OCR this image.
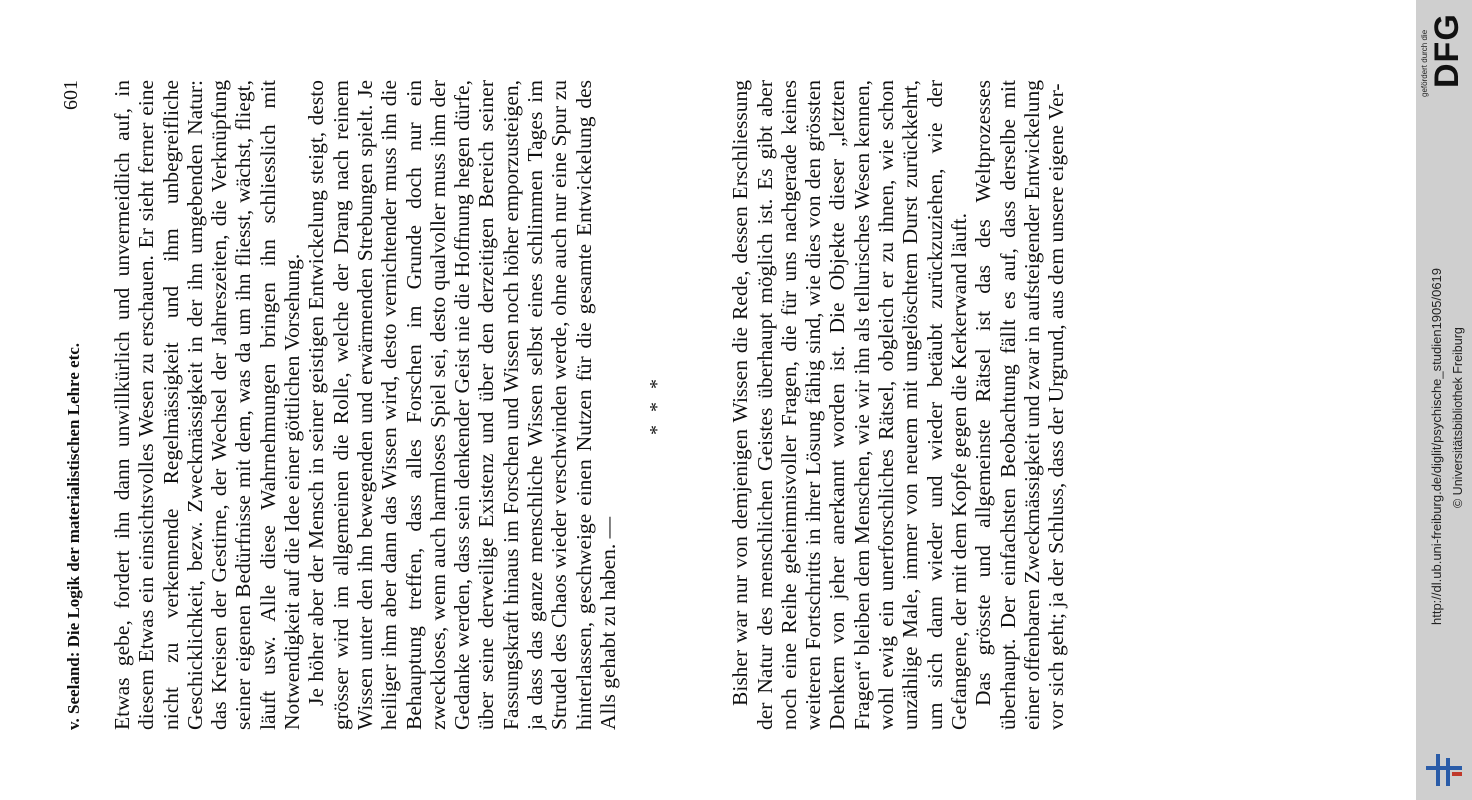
v. Seeland: Die Logik der materialistischen Lehre etc.
601 Etwas gebe, fordert ihn dann unwillkürlich und unvermeidlich auf, in diesem Etwas ein einsichtsvolles Wesen zu erschauen. Er sieht ferner eine nicht zu verkennende Regelmässigkeit und ihm unbegreifliche Geschicklichkeit, bezw. Zweckmässigkeit in der ihn umgebenden Natur: das Kreisen der Gestirne, der Wechsel der Jahreszeiten, die Verknüpfung seiner eigenen Bedürfnisse mit dem, was da um ihn fliesst, wächst, fliegt, läuft usw. Alle diese Wahrnehmungen bringen ihn schliesslich mit Notwendigkeit auf die Idee einer göttlichen Vorsehung. Je höher aber der Mensch in seiner geistigen Entwickelung steigt, desto grösser wird im allgemeinen die Rolle, welche der Drang nach reinem Wissen unter den ihn bewegenden und erwärmenden Strebungen spielt. Je heiliger ihm aber dann das Wissen wird, desto vernichtender muss ihn die Behauptung treffen, dass alles Forschen im Grunde doch nur ein zweckloses, wenn auch harmloses Spiel sei, desto qualvoller muss ihm der Gedanke werden, dass sein denkender Geist nie die Hoffnung hegen dürfe, über seine derweilige Existenz und über den derzeitigen Bereich seiner Fassungskraft hinaus im Forschen und Wissen noch höher emporzusteigen, ja dass das ganze menschliche Wissen selbst eines schlimmen Tages im Strudel des Chaos wieder verschwinden werde, ohne auch nur eine Spur zu hinterlassen, geschweige einen Nutzen für die gesamte Entwickelung des Alls gehabt zu haben. —

* * *	Bisher war nur von demjenigen Wissen die Rede, dessen Erschliessung der Natur des menschlichen Geistes überhaupt möglich ist. Es gibt aber noch eine Reihe geheimnisvoller Fragen, die für uns nachgerade keines weiteren Fortschritts in ihrer Lösung fähig sind, wie dies von den grössten Denkern von jeher anerkannt worden ist. Die Objekte dieser „letzten Fragen“ bleiben dem Menschen, wie wir ihn als tellurisches Wesen kennen, wohl ewig ein unerforschliches Rätsel, obgleich er zu ihnen, wie schon unzählige Male, immer von neuem mit ungelöschtem Durst zurückkehrt, um sich dann wieder und wieder betäubt zurückzuziehen, wie der Gefangene, der mit dem Kopfe gegen die Kerkerwand läuft. Das grösste und allgemeinste Rätsel ist das des Weltprozesses überhaupt. Der einfachsten Beobachtung fällt es auf, dass derselbe mit einer offenbaren Zweckmässigkeit und zwar in aufsteigender Entwickelung vor sich geht; ja der Schluss, dass der Urgrund, aus dem unsere eigene Ver-	http://dl.ub.uni-freiburg.de/diglit/psychische_studien1905/0619 © Universitätsbibliothek Freiburg
gefördert durch die DFG
